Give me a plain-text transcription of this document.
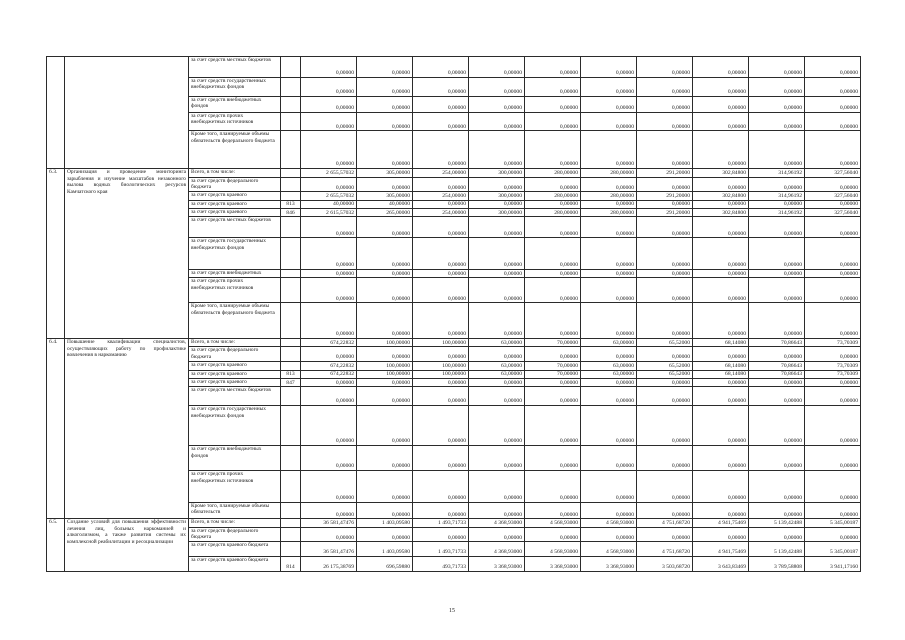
		за счет средств местных бюджетов		0,00000	0,00000	0,00000	0,00000	0,00000	0,00000	0,00000	0,00000	0,00000	0,00000
		за счет средств государственных внебюджетных фондов		0,00000	0,00000	0,00000	0,00000	0,00000	0,00000	0,00000	0,00000	0,00000	0,00000
		за счет средств внебюджетных фондов		0,00000	0,00000	0,00000	0,00000	0,00000	0,00000	0,00000	0,00000	0,00000	0,00000
		за счет средств прочих внебюджетных источников		0,00000	0,00000	0,00000	0,00000	0,00000	0,00000	0,00000	0,00000	0,00000	0,00000
		Кроме того, планируемые объемы обязательств федерального бюджета		0,00000	0,00000	0,00000	0,00000	0,00000	0,00000	0,00000	0,00000	0,00000	0,00000
6.3.	Организация и проведение мониторинга зарыбления и изучение масштабов незаконного вылова водных биологических ресурсов Камчатского края	Всего, в том числе:		2 655,57032	305,00000	254,00000	300,00000	280,00000	280,00000	291,20000	302,84800	314,96192	327,56040
		за счет средств федерального бюджета		0,00000	0,00000	0,00000	0,00000	0,00000	0,00000	0,00000	0,00000	0,00000	0,00000
		за счет средств краевого		2 655,57032	305,00000	254,00000	300,00000	280,00000	280,00000	291,20000	302,84800	314,96192	327,56040
		за счет средств краевого	813	40,00000	40,00000	0,00000	0,00000	0,00000	0,00000	0,00000	0,00000	0,00000	0,00000
		за счет средств краевого	846	2 615,57032	265,00000	254,00000	300,00000	280,00000	280,00000	291,20000	302,84800	314,96192	327,56040
		за счет средств местных бюджетов		0,00000	0,00000	0,00000	0,00000	0,00000	0,00000	0,00000	0,00000	0,00000	0,00000
		за счет средств государственных внебюджетных фондов		0,00000	0,00000	0,00000	0,00000	0,00000	0,00000	0,00000	0,00000	0,00000	0,00000
		за счет средств внебюджетных		0,00000	0,00000	0,00000	0,00000	0,00000	0,00000	0,00000	0,00000	0,00000	0,00000
		за счет средств прочих внебюджетных источников		0,00000	0,00000	0,00000	0,00000	0,00000	0,00000	0,00000	0,00000	0,00000	0,00000
		Кроме того, планируемые объемы обязательств федерального бюджета		0,00000	0,00000	0,00000	0,00000	0,00000	0,00000	0,00000	0,00000	0,00000	0,00000
6.4.	Повышение квалификации специалистов, осуществляющих работу по профилактике вовлечения в наркоманию	Всего, в том числе:		674,22832	100,00000	100,00000	63,00000	70,00000	63,00000	65,52000	68,14080	70,86643	73,70309
		за счет средств федерального бюджета		0,00000	0,00000	0,00000	0,00000	0,00000	0,00000	0,00000	0,00000	0,00000	0,00000
		за счет средств краевого		674,22832	100,00000	100,00000	63,00000	70,00000	63,00000	65,52000	68,14080	70,86643	73,70309
		за счет средств краевого	813	674,22832	100,00000	100,00000	63,00000	70,00000	63,00000	65,52000	68,14080	70,86643	73,70309
		за счет средств краевого	847	0,00000	0,00000	0,00000	0,00000	0,00000	0,00000	0,00000	0,00000	0,00000	0,00000
		за счет средств местных бюджетов		0,00000	0,00000	0,00000	0,00000	0,00000	0,00000	0,00000	0,00000	0,00000	0,00000
		за счет средств государственных внебюджетных фондов		0,00000	0,00000	0,00000	0,00000	0,00000	0,00000	0,00000	0,00000	0,00000	0,00000
		за счет средств внебюджетных фондов		0,00000	0,00000	0,00000	0,00000	0,00000	0,00000	0,00000	0,00000	0,00000	0,00000
		за счет средств прочих внебюджетных источников		0,00000	0,00000	0,00000	0,00000	0,00000	0,00000	0,00000	0,00000	0,00000	0,00000
		Кроме того, планируемые объемы обязательств		0,00000	0,00000	0,00000	0,00000	0,00000	0,00000	0,00000	0,00000	0,00000	0,00000
6.5.	Создание условий для повышения эффективности лечения лиц, больных наркоманией и алкоголизмом, а также развития системы их комплексной реабилитации и ресоциализации	Всего, в том числе:		36 581,47476	1 403,09580	1 493,71733	4 368,93000	4 568,93000	4 568,93000	4 751,68720	4 941,75469	5 139,42488	5 345,00187
		за счет средств федерального бюджета		0,00000	0,00000	0,00000	0,00000	0,00000	0,00000	0,00000	0,00000	0,00000	0,00000
		за счет средств краевого бюджета		36 581,47476	1 403,09580	1 493,71733	4 368,93000	4 568,93000	4 568,93000	4 751,68720	4 941,75469	5 139,42488	5 345,00187
		за счет средств краевого бюджета	814	26 175,38769	696,59880	493,71733	3 368,93000	3 368,93000	3 368,93000	3 503,68720	3 643,83469	3 789,58808	3 941,17160
15
